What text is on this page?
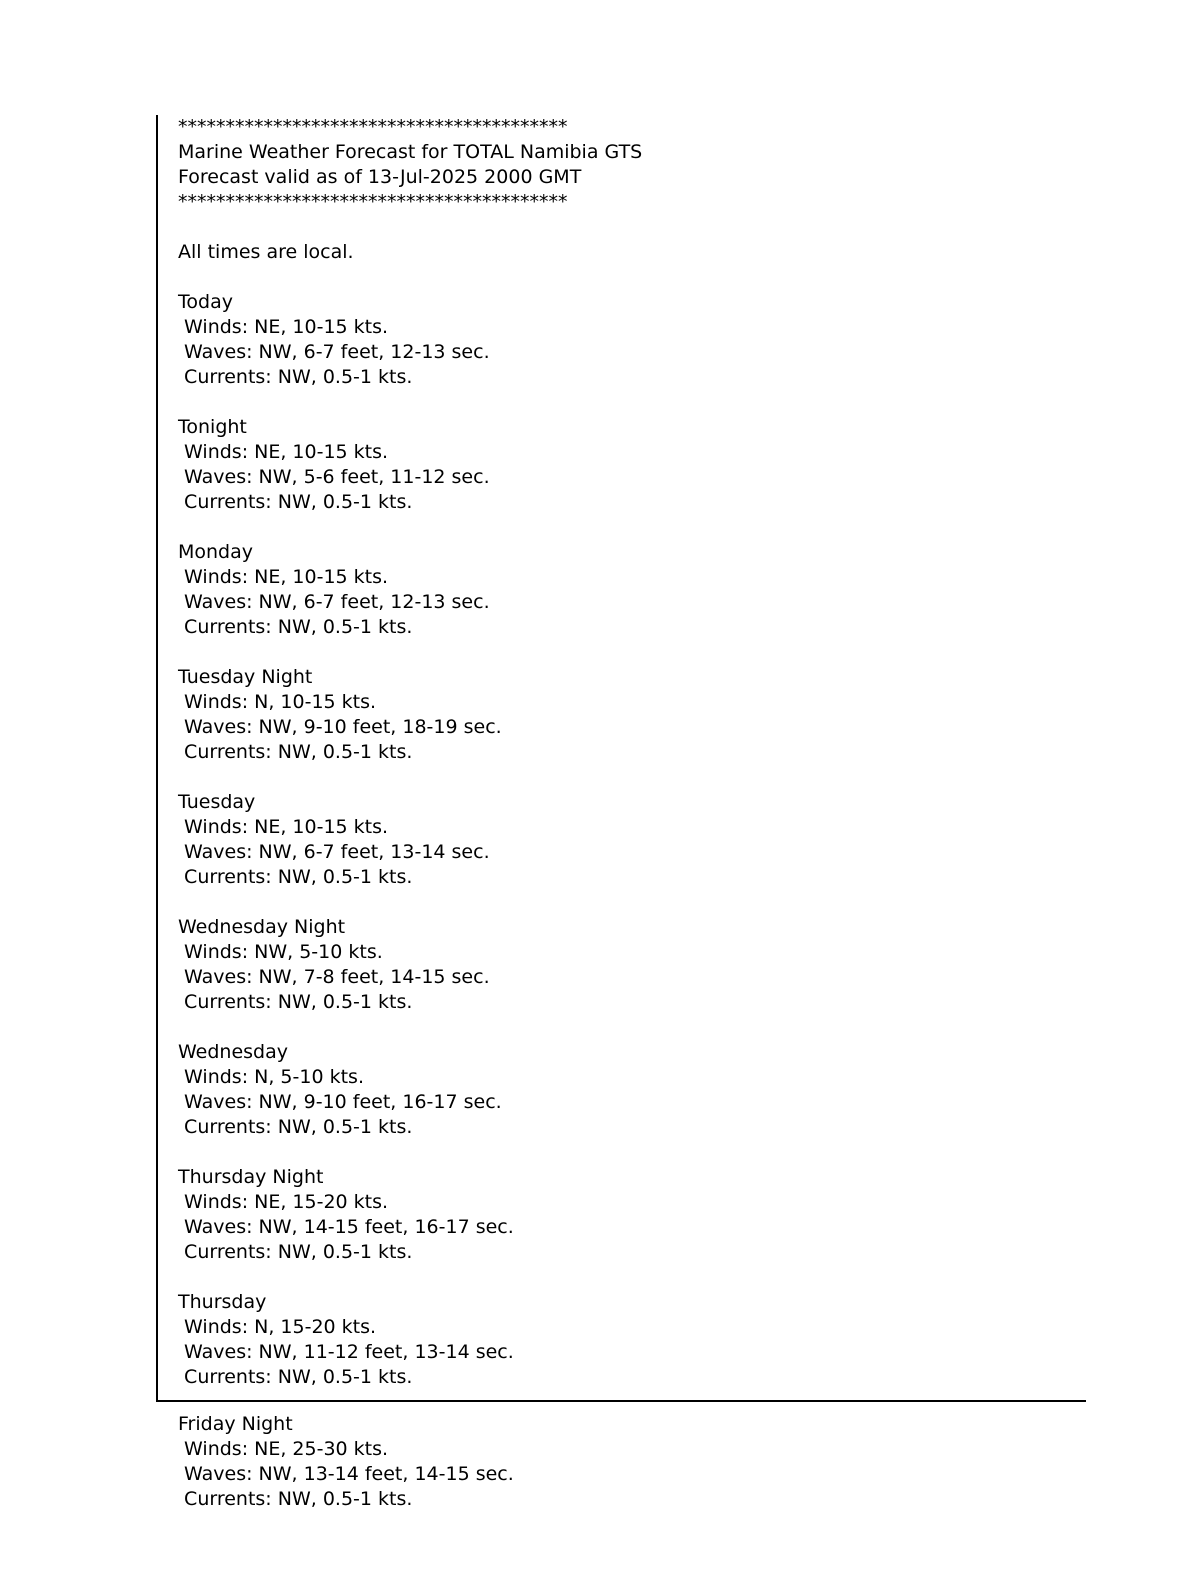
*****************************************
Marine Weather Forecast for TOTAL Namibia GTS
Forecast valid as of 13-Jul-2025 2000 GMT
*****************************************
All times are local.
Today
Winds: NE, 10-15 kts.
Waves: NW, 6-7 feet, 12-13 sec.
Currents: NW, 0.5-1 kts.
Tonight
Winds: NE, 10-15 kts.
Waves: NW, 5-6 feet, 11-12 sec.
Currents: NW, 0.5-1 kts.
Monday
Winds: NE, 10-15 kts.
Waves: NW, 6-7 feet, 12-13 sec.
Currents: NW, 0.5-1 kts.
Tuesday Night
Winds: N, 10-15 kts.
Waves: NW, 9-10 feet, 18-19 sec.
Currents: NW, 0.5-1 kts.
Tuesday
Winds: NE, 10-15 kts.
Waves: NW, 6-7 feet, 13-14 sec.
Currents: NW, 0.5-1 kts.
Wednesday Night
Winds: NW, 5-10 kts.
Waves: NW, 7-8 feet, 14-15 sec.
Currents: NW, 0.5-1 kts.
Wednesday
Winds: N, 5-10 kts.
Waves: NW, 9-10 feet, 16-17 sec.
Currents: NW, 0.5-1 kts.
Thursday Night
Winds: NE, 15-20 kts.
Waves: NW, 14-15 feet, 16-17 sec.
Currents: NW, 0.5-1 kts.
Thursday
Winds: N, 15-20 kts.
Waves: NW, 11-12 feet, 13-14 sec.
Currents: NW, 0.5-1 kts.
Friday Night
Winds: NE, 25-30 kts.
Waves: NW, 13-14 feet, 14-15 sec.
Currents: NW, 0.5-1 kts.
